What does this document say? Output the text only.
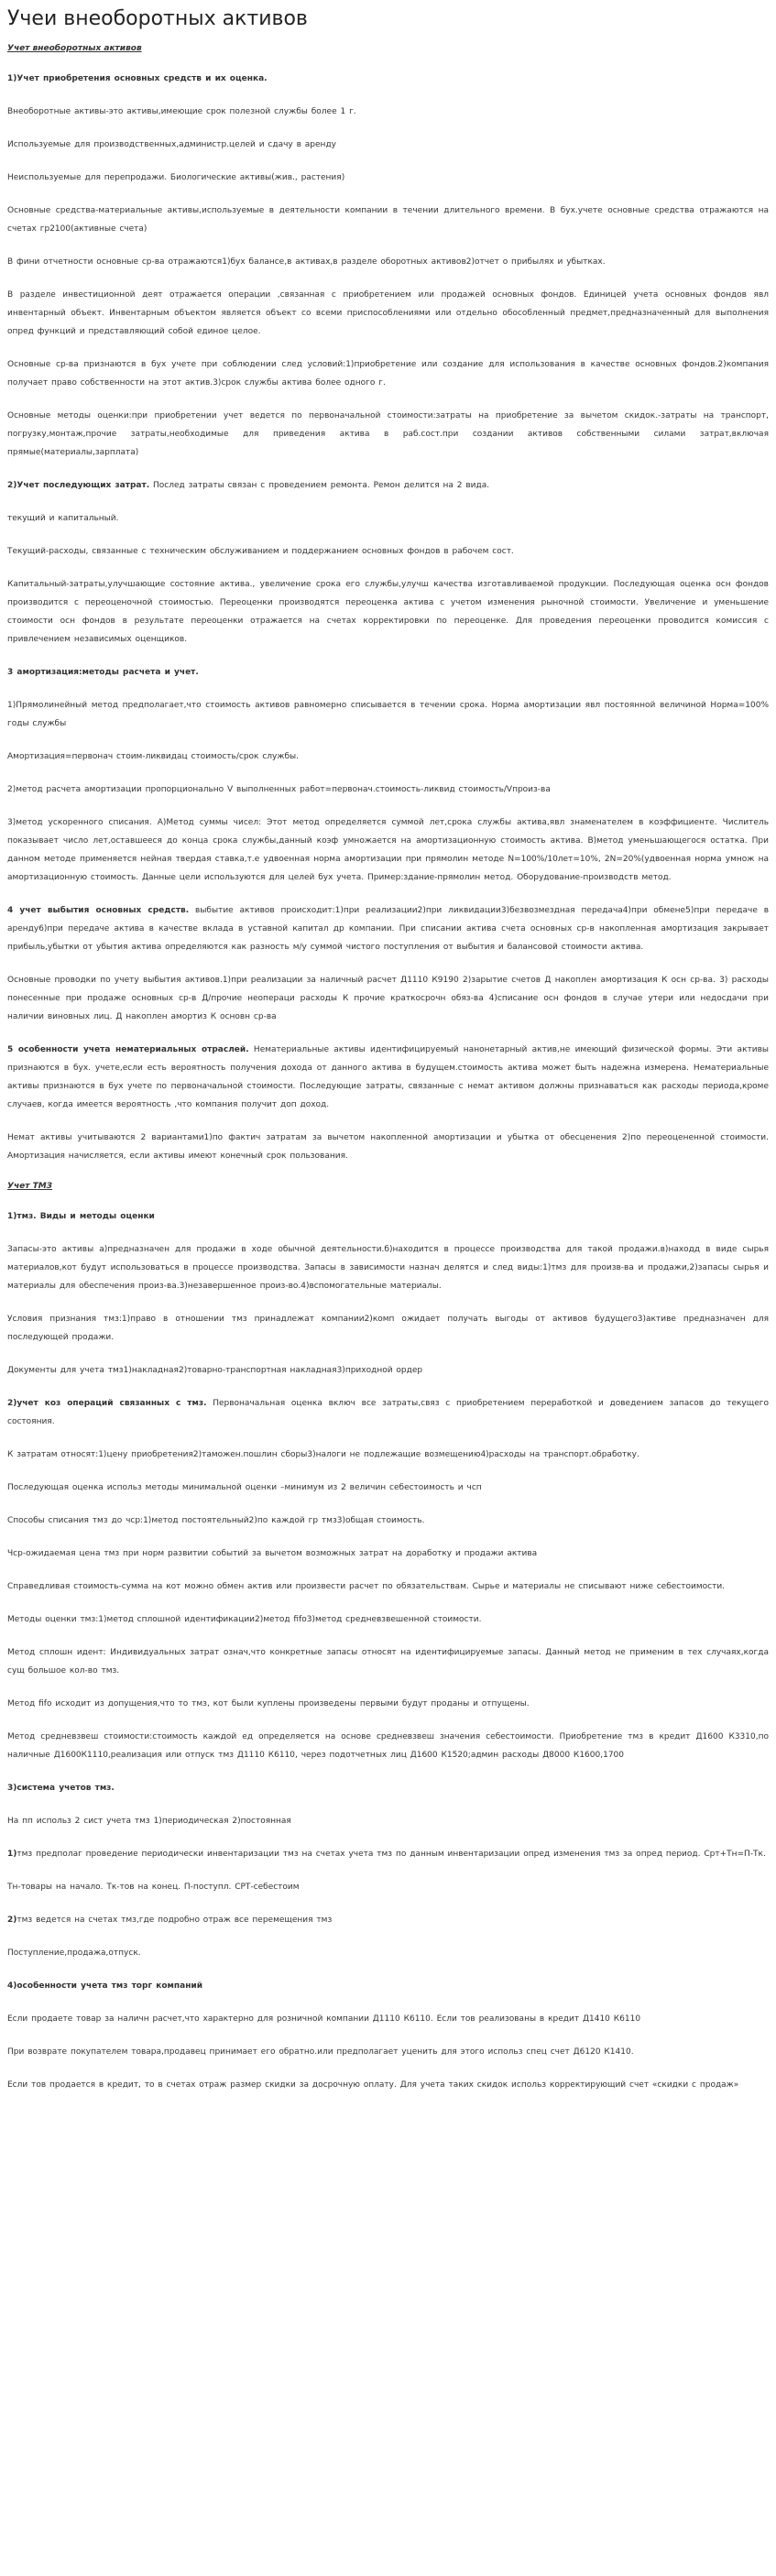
Учеи внеоборотных активов
Учет внеоборотных активов

1)Учет приобретения основных средств и их оценка.

Внеоборотные активы-это активы,имеющие срок полезной службы более 1 г.

Используемые для производственных,администр.целей и сдачу в аренду

Неиспользуемые для перепродажи. Биологические активы(жив., растения)

Основные средства-материальные активы,используемые в деятельности компании в течении длительного времени. В бух.учете основные средства отражаются на счетах гр2100(активные счета)

В фини отчетности основные ср-ва отражаются1)бух балансе,в активах,в разделе оборотных активов2)отчет о прибылях и убытках.

В разделе инвестиционной деят отражается операции ,связанная с приобретением или продажей основных фондов. Единицей учета основных фондов явл инвентарный объект. Инвентарным объектом является объект со всеми приспособлениями или отдельно обособленный предмет,предназначенный для выполнения опред функций и представляющий собой единое целое.

Основные ср-ва признаются в бух учете при соблюдении след условий:1)приобретение или создание для использования в качестве основных фондов.2)компания получает право собственности на этот актив.3)срок службы актива более одного г.

Основные методы оценки:при приобретении учет ведется по первоначальной стоимости:затраты на приобретение за вычетом скидок.-затраты на транспорт, погрузку,монтаж,прочие затраты,необходимые для приведения актива в раб.сост.при создании активов собственными силами затрат,включая прямые(материалы,зарплата)

2)Учет последующих затрат. Послед затраты связан с проведением ремонта. Ремон делится на 2 вида.

текущий и капитальный.

Текущий-расходы, связанные с техническим обслуживанием и поддержанием основных фондов в рабочем сост.

Капитальный-затраты,улучшающие состояние актива., увеличение срока его службы,улучш качества изготавливаемой продукции. Последующая оценка осн фондов производится с переоценочной стоимостью. Переоценки производятся переоценка актива с учетом изменения рыночной стоимости. Увеличение и уменьшение стоимости осн фондов в результате переоценки отражается на счетах корректировки по переоценке. Для проведения переоценки проводится комиссия с привлечением независимых оценщиков.

3 амортизация:методы расчета и учет.

1)Прямолинейный метод предполагает,что стоимость активов равномерно списывается в течении срока. Норма амортизации явл постоянной величиной Норма=100% годы службы

Амортизация=первонач стоим-ликвидац стоимость/срок службы.

2)метод расчета амортизации пропорционально V выполненных работ=первонач.стоимость-ликвид стоимость/Vпроиз-ва

3)метод ускоренного списания. А)Метод суммы чисел: Этот метод определяется суммой лет,срока службы актива,явл знаменателем в коэффициенте. Числитель показывает число лет,оставшееся до конца срока службы,данный коэф умножается на амортизационную стоимость актива. В)метод уменьшающегося остатка. При данном методе применяется нейная твердая ставка,т.е удвоенная норма амортизации при прямолин методе N=100%/10лет=10%, 2N=20%(удвоенная норма умнож на амортизационную стоимость. Данные цели используются для целей бух учета. Пример:здание-прямолин метод. Оборудование-производств метод.

4 учет выбытия основных средств. выбытие активов происходит:1)при реализации2)при ликвидации3)безвозмездная передача4)при обмене5)при передаче в аренду6)при передаче актива в качестве вклада в уставной капитал др компании. При списании актива счета основных ср-в накопленная амортизация закрывает прибыль,убытки от убытия актива определяются как разность м/у суммой чистого поступления от выбытия и балансовой стоимости актива.

Основные проводки по учету выбытия активов.1)при реализации за наличный расчет Д1110 К9190 2)зарытие счетов Д накоплен амортизация К осн ср-ва. 3) расходы понесенные при продаже основных ср-в Д/прочие неопераци расходы К прочие краткосрочн обяз-ва 4)списание осн фондов в случае утери или недосдачи при наличии виновных лиц. Д накоплен амортиз К основн ср-ва

5 особенности учета нематериальных отраслей. Нематериальные активы идентифицируемый нанонетарный актив,не имеющий физической формы. Эти активы признаются в бух. учете,если есть вероятность получения дохода от данного актива в будущем.стоимость актива может быть надежна измерена. Нематериальные активы признаются в бух учете по первоначальной стоимости. Последующие затраты, связанные с немат активом должны признаваться как расходы периода,кроме случаев, когда имеется вероятность ,что компания получит доп доход.

Немат активы учитываются 2 вариантами1)по фактич затратам за вычетом накопленной амортизации и убытка от обесценения 2)по переоцененной стоимости. Амортизация начисляется, если активы имеют конечный срок пользования.

Учет ТМЗ

1)тмз. Виды и методы оценки

Запасы-это активы а)предназначен для продажи в ходе обычной деятельности.б)находится в процессе производства для такой продажи.в)находд в виде сырья материалов,кот будут использоваться в процессе производства. Запасы в зависимости назнач делятся и след виды:1)тмз для произв-ва и продажи,2)запасы сырья и материалы для обеспечения произ-ва.3)незавершенное произ-во.4)вспомогательные материалы.

Условия признания тмз:1)право в отношении тмз принадлежат компании2)комп ожидает получать выгоды от активов будущего3)активе предназначен для последующей продажи.

Документы для учета тмз1)накладная2)товарно-транспортная накладная3)приходной ордер

2)учет коз операций связанных с тмз. Первоначальная оценка включ все затраты,связ с приобретением переработкой и доведением запасов до текущего состояния.

К затратам относят:1)цену приобретения2)таможен.пошлин сборы3)налоги не подлежащие возмещению4)расходы на транспорт.обработку.

Последующая оценка использ методы минимальной оценки –минимум из 2 величин себестоимость и чсп

Способы списания тмз до чср:1)метод постоятельный2)по каждой гр тмз3)общая стоимость.

Чср-ожидаемая цена тмз при норм развитии событий за вычетом возможных затрат на доработку и продажи актива

Справедливая стоимость-сумма на кот можно обмен актив или произвести расчет по обязательствам. Сырье и материалы не списывают ниже себестоимости.

Методы оценки тмз:1)метод сплошной идентификации2)метод fifo3)метод средневзвешенной стоимости.

Метод сплошн идент: Индивидуальных затрат означ,что конкретные запасы относят на идентифицируемые запасы. Данный метод не применим в тех случаях,когда сущ большое кол-во тмз.

Метод fifo исходит из допущения,что то тмз, кот были куплены произведены первыми будут проданы и отпущены.

Метод средневзвеш стоимости:стоимость каждой ед определяется на основе средневзвеш значения себестоимости. Приобретение тмз в кредит Д1600 К3310,по наличные Д1600К1110,реализация или отпуск тмз Д1110 К6110, через подотчетных лиц Д1600 К1520;админ расходы Д8000 К1600,1700

3)система учетов тмз.

На пп использ 2 сист учета тмз 1)периодическая 2)постоянная

1)тмз предполаг проведение периодически инвентаризации тмз на счетах учета тмз по данным инвентаризации опред изменения тмз за опред период. Срт+Тн=П-Тк.

Тн-товары на начало. Тк-тов на конец. П-поступл. СРТ-себестоим

2)тмз ведется на счетах тмз,где подробно отраж все перемещения тмз

Поступление,продажа,отпуск.

4)особенности учета тмз торг компаний

Если продаете товар за наличн расчет,что характерно для розничной компании Д1110 К6110. Если тов реализованы в кредит Д1410 К6110

При возврате покупателем товара,продавец принимает его обратно.или предполагает уценить для этого использ спец счет Д6120 К1410.

Если тов продается в кредит, то в счетах отраж размер скидки за досрочную оплату. Для учета таких скидок использ корректирующий счет «скидки с продаж»
